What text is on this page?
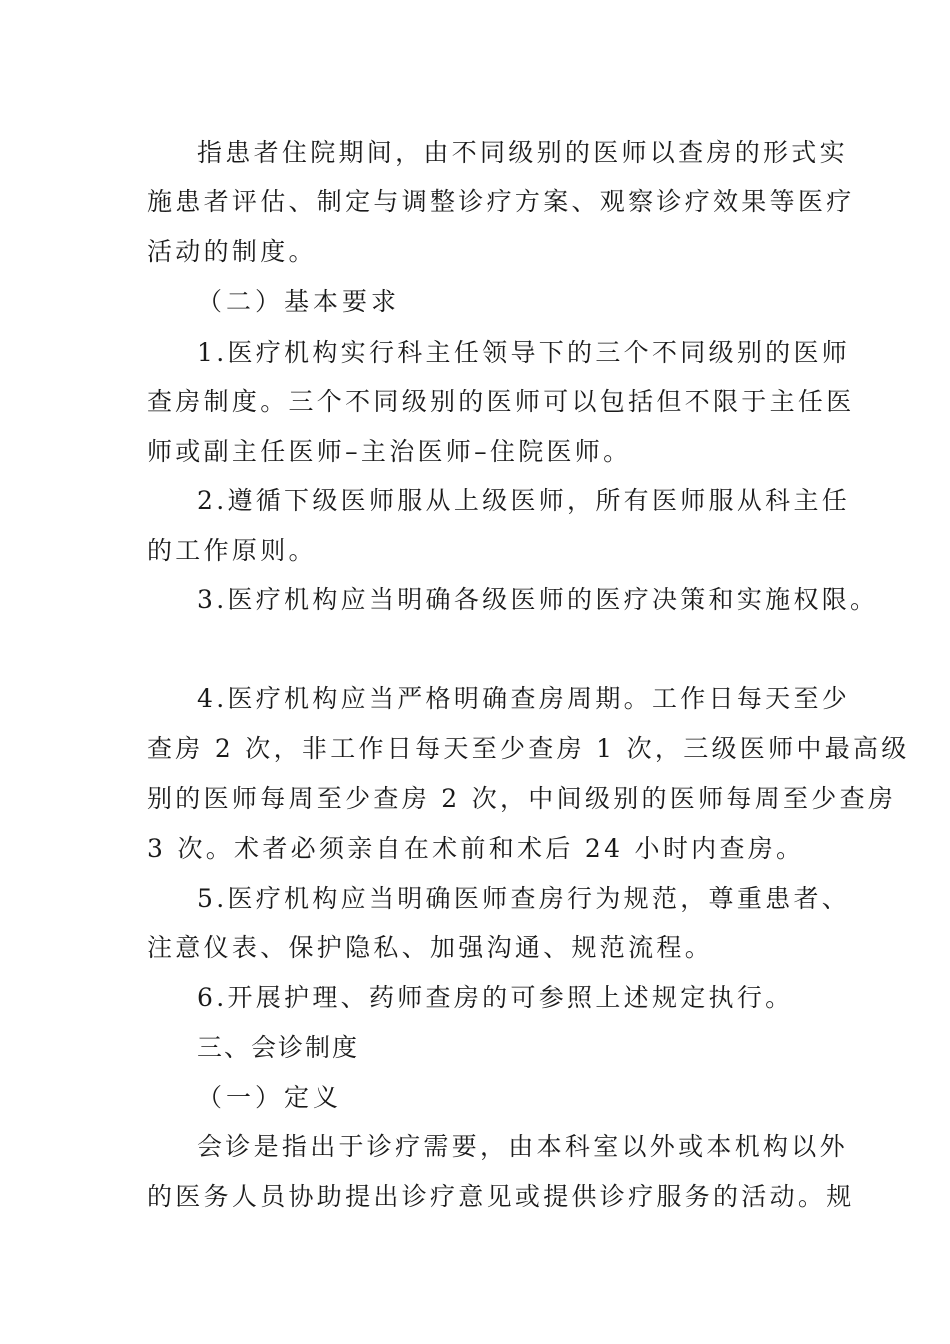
指患者住院期间，由不同级别的医师以查房的形式实
施患者评估、制定与调整诊疗方案、观察诊疗效果等医疗
活动的制度。
（二）基本要求
1.医疗机构实行科主任领导下的三个不同级别的医师
查房制度。三个不同级别的医师可以包括但不限于主任医
师或副主任医师–主治医师–住院医师。
2.遵循下级医师服从上级医师，所有医师服从科主任
的工作原则。
3.医疗机构应当明确各级医师的医疗决策和实施权限。
4.医疗机构应当严格明确查房周期。工作日每天至少
查房 2 次，非工作日每天至少查房 1 次，三级医师中最高级
别的医师每周至少查房 2 次，中间级别的医师每周至少查房
3 次。术者必须亲自在术前和术后 24 小时内查房。
5.医疗机构应当明确医师查房行为规范，尊重患者、
注意仪表、保护隐私、加强沟通、规范流程。
6.开展护理、药师查房的可参照上述规定执行。
三、会诊制度
（一）定义
会诊是指出于诊疗需要，由本科室以外或本机构以外
的医务人员协助提出诊疗意见或提供诊疗服务的活动。规
